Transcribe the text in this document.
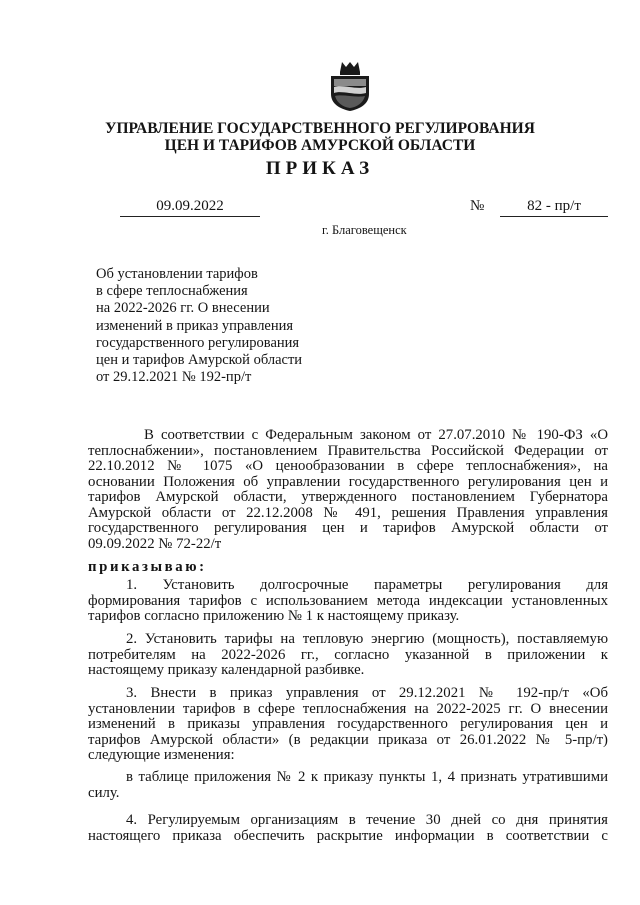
УПРАВЛЕНИЕ ГОСУДАРСТВЕННОГО РЕГУЛИРОВАНИЯ
ЦЕН И ТАРИФОВ АМУРСКОЙ ОБЛАСТИ
ПРИКАЗ
09.09.2022	№	82 - пр/т
г. Благовещенск
Об установлении тарифов
в сфере теплоснабжения
на 2022-2026 гг. О внесении
изменений в приказ управления
государственного регулирования
цен и тарифов Амурской области
от 29.12.2021 № 192-пр/т
В соответствии с Федеральным законом от 27.07.2010 № 190-ФЗ «О
теплоснабжении», постановлением Правительства Российской Федерации от
22.10.2012 № 1075 «О ценообразовании в сфере теплоснабжения», на
основании Положения об управлении государственного регулирования цен и
тарифов Амурской области, утвержденного постановлением Губернатора
Амурской области от 22.12.2008 № 491, решения Правления управления
государственного регулирования цен и тарифов Амурской области от
09.09.2022 № 72-22/т
приказываю:
1. Установить долгосрочные параметры регулирования для
формирования тарифов с использованием метода индексации установленных
тарифов согласно приложению № 1 к настоящему приказу.
2. Установить тарифы на тепловую энергию (мощность), поставляемую
потребителям на 2022-2026 гг., согласно указанной в приложении к
настоящему приказу календарной разбивке.
3. Внести в приказ управления от 29.12.2021 № 192-пр/т «Об
установлении тарифов в сфере теплоснабжения на 2022-2025 гг. О внесении
изменений в приказы управления государственного регулирования цен и
тарифов Амурской области» (в редакции приказа от 26.01.2022 № 5-пр/т)
следующие изменения:
в таблице приложения № 2 к приказу пункты 1, 4 признать утратившими
силу.
4. Регулируемым организациям в течение 30 дней со дня принятия
настоящего приказа обеспечить раскрытие информации в соответствии с
